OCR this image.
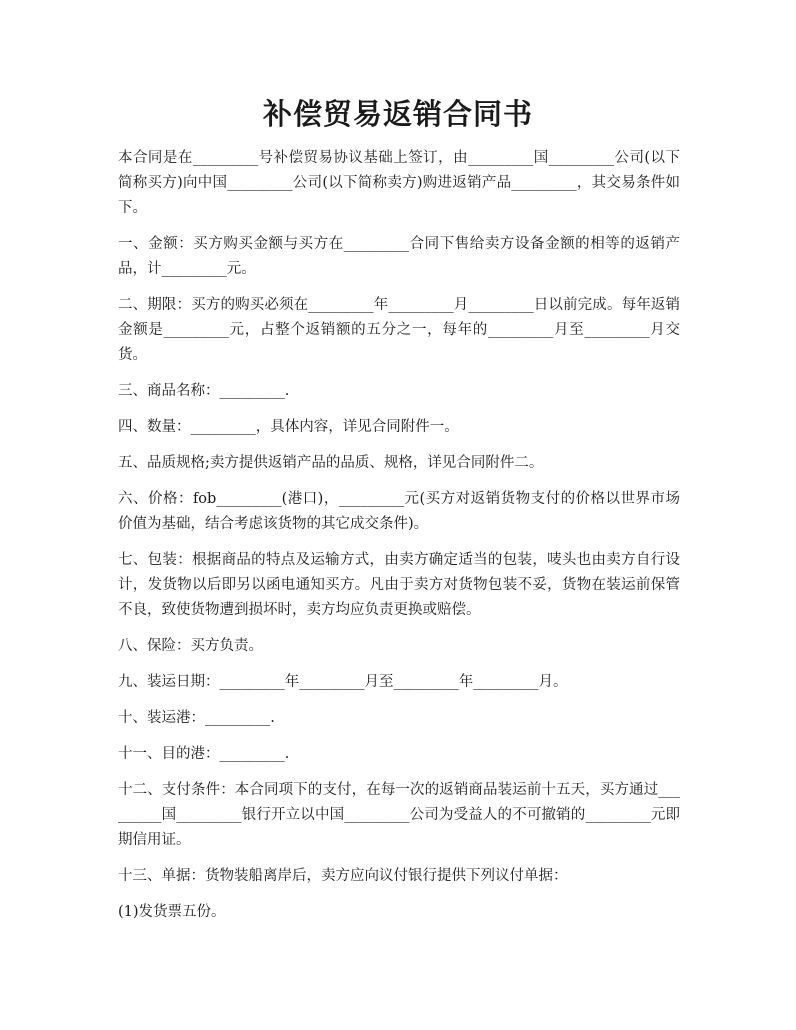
补偿贸易返销合同书

本合同是在_________号补偿贸易协议基础上签订，由_________国_________公司(以下简称买方)向中国_________公司(以下简称卖方)购进返销产品_________，其交易条件如下。

一、金额：买方购买金额与买方在_________合同下售给卖方设备金额的相等的返销产品，计_________元。

二、期限：买方的购买必须在_________年_________月_________日以前完成。每年返销金额是_________元，占整个返销额的五分之一，每年的_________月至_________月交货。

三、商品名称：_________.

四、数量：_________，具体内容，详见合同附件一。

五、品质规格;卖方提供返销产品的品质、规格，详见合同附件二。

六、价格：fob_________(港口)，_________元(买方对返销货物支付的价格以世界市场价值为基础，结合考虑该货物的其它成交条件)。

七、包装：根据商品的特点及运输方式，由卖方确定适当的包装，唛头也由卖方自行设计，发货物以后即另以函电通知买方。凡由于卖方对货物包装不妥，货物在装运前保管不良，致使货物遭到损坏时，卖方均应负责更换或赔偿。

八、保险：买方负责。

九、装运日期：_________年_________月至_________年_________月。

十、装运港：_________.

十一、目的港：_________.

十二、支付条件：本合同项下的支付，在每一次的返销商品装运前十五天，买方通过_________国_________银行开立以中国_________公司为受益人的不可撤销的_________元即期信用证。

十三、单据：货物装船离岸后，卖方应向议付银行提供下列议付单据：

(1)发货票五份。
